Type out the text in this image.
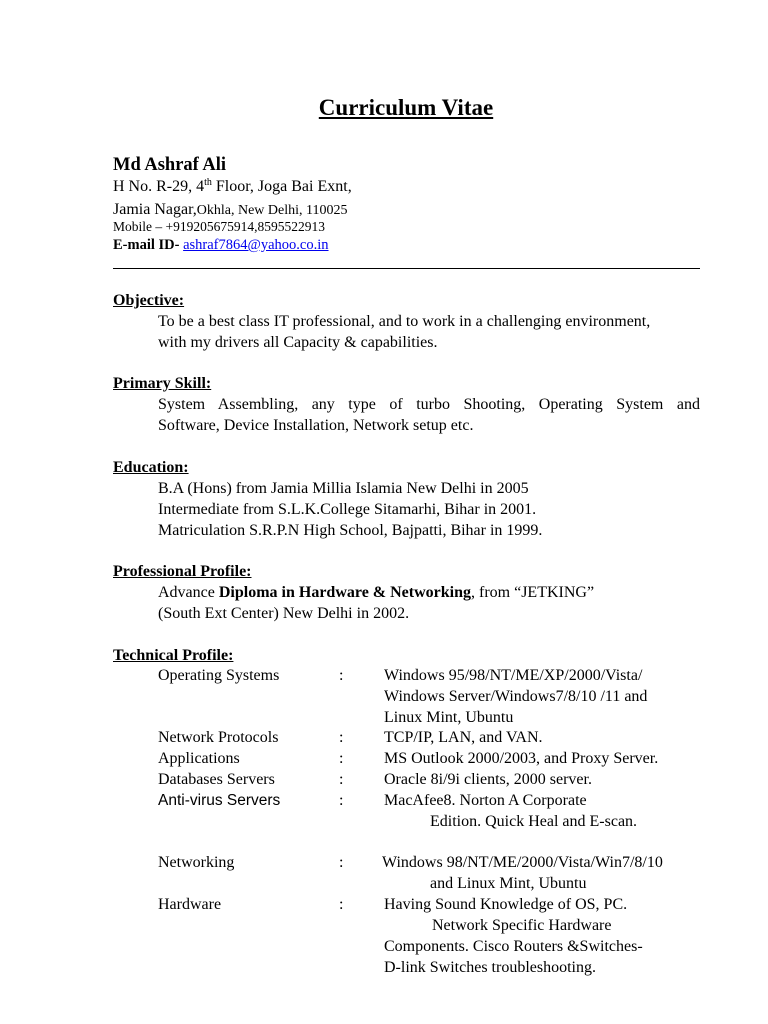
Curriculum Vitae
Md Ashraf Ali
H No. R-29, 4th Floor, Joga Bai Exnt,
Jamia Nagar,Okhla, New Delhi, 110025
Mobile – +919205675914,8595522913
E-mail ID- ashraf7864@yahoo.co.in
Objective:
To be a best class IT professional, and to work in a challenging environment,
with my drivers all Capacity & capabilities.
Primary Skill:
System Assembling, any type of turbo Shooting, Operating System and
Software, Device Installation, Network setup etc.
Education:
B.A (Hons) from Jamia Millia Islamia New Delhi in 2005
Intermediate from S.L.K.College Sitamarhi, Bihar in 2001.
Matriculation S.R.P.N High School, Bajpatti, Bihar in 1999.
Professional Profile:
Advance Diploma in Hardware & Networking, from “JETKING”
(South Ext Center) New Delhi in 2002.
Technical Profile:
Operating Systems	:	Windows 95/98/NT/ME/XP/2000/Vista/
Windows Server/Windows7/8/10 /11 and
Linux Mint, Ubuntu
Network Protocols	:	TCP/IP, LAN, and VAN.
Applications	:	MS Outlook 2000/2003, and Proxy Server.
Databases Servers	:	Oracle 8i/9i clients, 2000 server.
Anti-virus Servers	:	MacAfee8. Norton A Corporate
Edition. Quick Heal and E-scan.
Networking	: Windows 98/NT/ME/2000/Vista/Win7/8/10
and Linux Mint, Ubuntu
Hardware	:	Having Sound Knowledge of OS, PC.
Network Specific Hardware
Components. Cisco Routers &Switches-
D-link Switches troubleshooting.
